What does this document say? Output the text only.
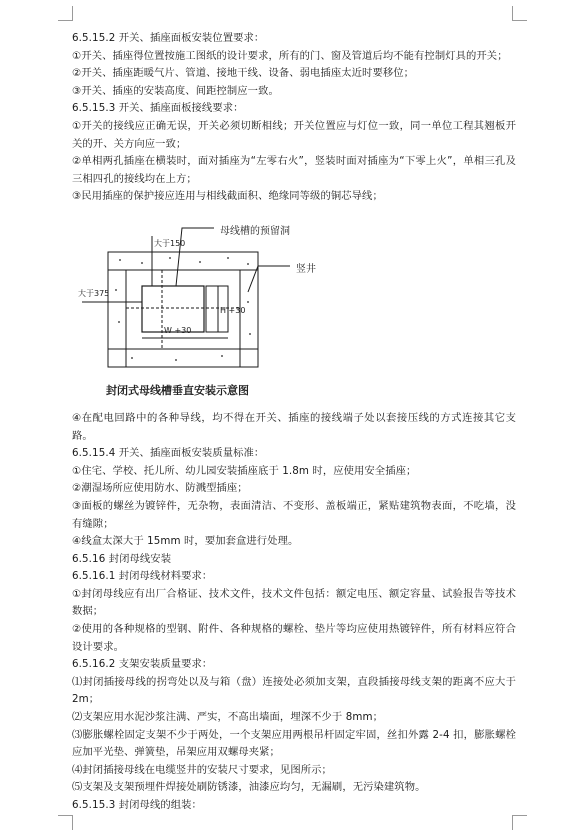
6.5.15.2 开关、插座面板安装位置要求：

①开关、插座得位置按施工图纸的设计要求，所有的门、窗及管道后均不能有控制灯具的开关；

②开关、插座距暖气片、管道、接地干线、设备、弱电插座太近时要移位；

③开关、插座的安装高度、间距控制应一致。

6.5.15.3 开关、插座面板接线要求：

①开关的接线应正确无误，开关必须切断相线；开关位置应与灯位一致，同一单位工程其翘板开关的开、关方向应一致；

②单相两孔插座在横装时，面对插座为“左零右火”，竖装时面对插座为“下零上火”，单相三孔及三相四孔的接线均在上方；

③民用插座的保护接应连用与相线截面积、绝缘同等级的铜芯导线；

母线槽的预留洞
竖井
大于150
大于375
W +30
H +30
封闭式母线槽垂直安装示意图

④在配电回路中的各种导线，均不得在开关、插座的接线端子处以套接压线的方式连接其它支路。

6.5.15.4 开关、插座面板安装质量标准：

①住宅、学校、托儿所、幼儿园安装插座底于 1.8m 时，应使用安全插座；

②潮湿场所应使用防水、防溅型插座；

③面板的螺丝为镀锌件，无杂物，表面清洁、不变形、盖板端正，紧贴建筑物表面，不吃墙，没有缝隙；

④线盒太深大于 15mm 时，要加套盒进行处理。

6.5.16 封闭母线安装

6.5.16.1 封闭母线材料要求：

①封闭母线应有出厂合格证、技术文件，技术文件包括：额定电压、额定容量、试验报告等技术数据；

②使用的各种规格的型钢、附件、各种规格的螺栓、垫片等均应使用热镀锌件，所有材料应符合设计要求。

6.5.16.2 支架安装质量要求：

⑴封闭插接母线的拐弯处以及与箱（盘）连接处必须加支架，直段插接母线支架的距离不应大于 2m；

⑵支架应用水泥沙浆注满、严实，不高出墙面，埋深不少于 8mm；

⑶膨胀螺栓固定支架不少于两处，一个支架应用两根吊杆固定牢固，丝扣外露 2-4 扣，膨胀螺栓应加平光垫、弹簧垫，吊架应用双螺母夹紧；

⑷封闭插接母线在电缆竖井的安装尺寸要求，见图所示；

⑸支架及支架预埋件焊接处刷防锈漆，油漆应均匀，无漏刷，无污染建筑物。

6.5.15.3 封闭母线的组装：
